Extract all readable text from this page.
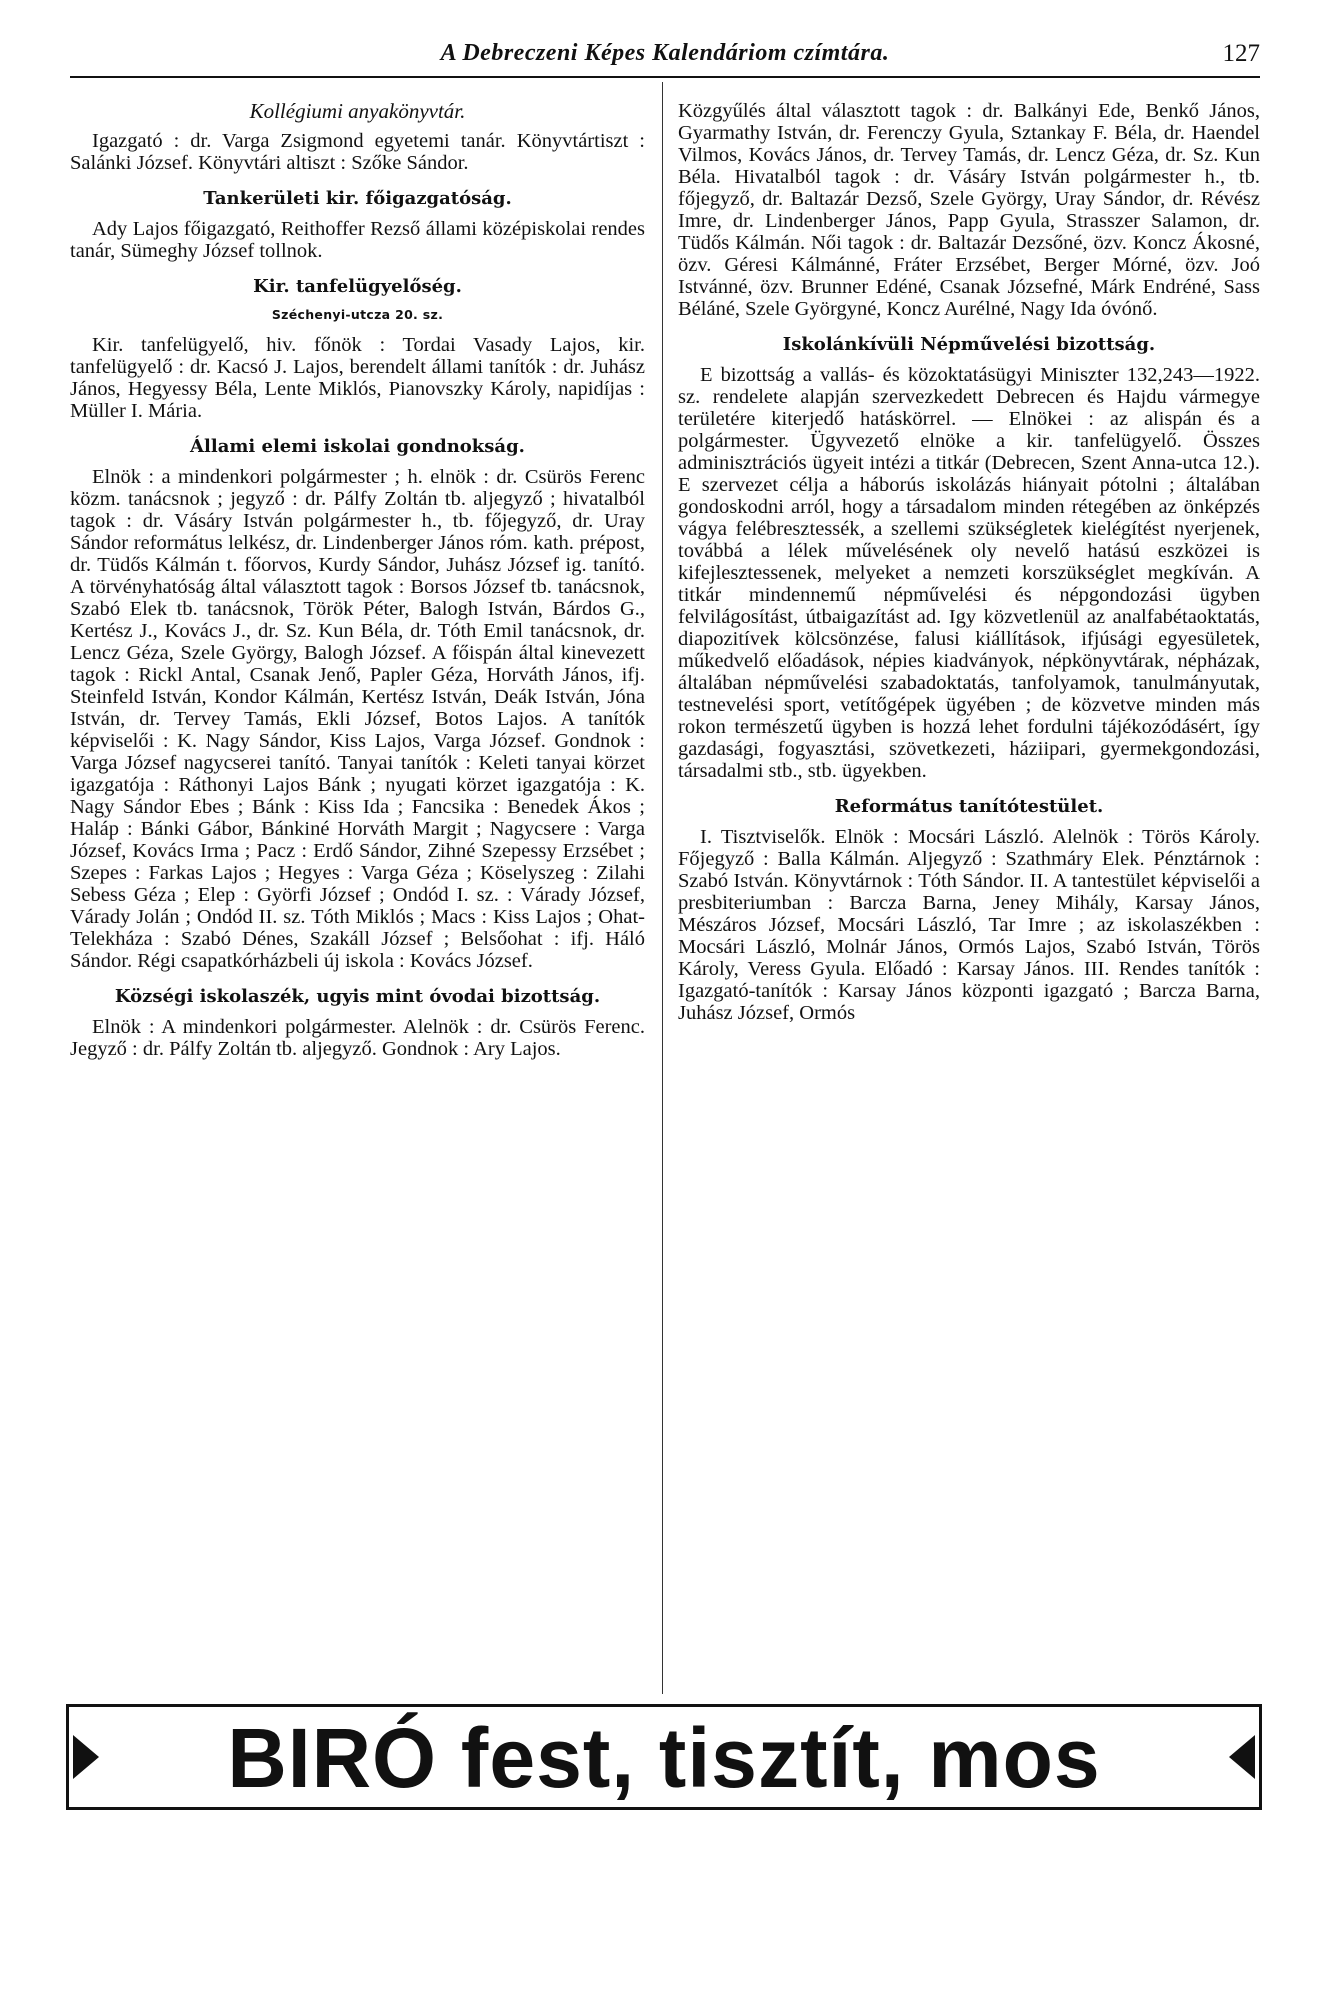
A Debreczeni Képes Kalendáriom czímtára.	127
Kollégiumi anyakönyvtár.

Igazgató : dr. Varga Zsigmond egyetemi tanár. Könyvtártiszt : Salánki József. Könyvtári altiszt : Szőke Sándor.

Tankerületi kir. főigazgatóság.

Ady Lajos főigazgató, Reithoffer Rezső állami középiskolai rendes tanár, Sümeghy József tollnok.

Kir. tanfelügyelőség.
Széchenyi-utcza 20. sz.

Kir. tanfelügyelő, hiv. főnök : Tordai Vasady Lajos, kir. tanfelügyelő : dr. Kacsó J. Lajos, berendelt állami tanítók : dr. Juhász János, Hegyessy Béla, Lente Miklós, Pianovszky Károly, napidíjas : Müller I. Mária.

Állami elemi iskolai gondnokság.

Elnök : a mindenkori polgármester ; h. elnök : dr. Csürös Ferenc közm. tanácsnok ; jegyző : dr. Pálfy Zoltán tb. aljegyző ; hivatalból tagok : dr. Vásáry István polgármester h., tb. főjegyző, dr. Uray Sándor református lelkész, dr. Lindenberger János róm. kath. prépost, dr. Tüdős Kálmán t. főorvos, Kurdy Sándor, Juhász József ig. tanító. A törvényhatóság által választott tagok : Borsos József tb. tanácsnok, Szabó Elek tb. tanácsnok, Török Péter, Balogh István, Bárdos G., Kertész J., Kovács J., dr. Sz. Kun Béla, dr. Tóth Emil tanácsnok, dr. Lencz Géza, Szele György, Balogh József. A főispán által kinevezett tagok : Rickl Antal, Csanak Jenő, Papler Géza, Horváth János, ifj. Steinfeld István, Kondor Kálmán, Kertész István, Deák István, Jóna István, dr. Tervey Tamás, Ekli József, Botos Lajos. A tanítók képviselői : K. Nagy Sándor, Kiss Lajos, Varga József. Gondnok : Varga József nagycserei tanító. Tanyai tanítók : Keleti tanyai körzet igazgatója : Ráthonyi Lajos Bánk ; nyugati körzet igazgatója : K. Nagy Sándor Ebes ; Bánk : Kiss Ida ; Fancsika : Benedek Ákos ; Haláp : Bánki Gábor, Bánkiné Horváth Margit ; Nagycsere : Varga József, Kovács Irma ; Pacz : Erdő Sándor, Zihné Szepessy Erzsébet ; Szepes : Farkas Lajos ; Hegyes : Varga Géza ; Köselyszeg : Zilahi Sebess Géza ; Elep : Györfi József ; Ondód I. sz. : Várady József, Várady Jolán ; Ondód II. sz. Tóth Miklós ; Macs : Kiss Lajos ; Ohat-Telekháza : Szabó Dénes, Szakáll József ; Belsőohat : ifj. Háló Sándor. Régi csapatkórházbeli új iskola : Kovács József.

Községi iskolaszék, ugyis mint óvodai bizottság.

Elnök : A mindenkori polgármester. Alelnök : dr. Csürös Ferenc. Jegyző : dr. Pálfy Zoltán tb. aljegyző. Gondnok : Ary Lajos.

Közgyűlés által választott tagok : dr. Balkányi Ede, Benkő János, Gyarmathy István, dr. Ferenczy Gyula, Sztankay F. Béla, dr. Haendel Vilmos, Kovács János, dr. Tervey Tamás, dr. Lencz Géza, dr. Sz. Kun Béla. Hivatalból tagok : dr. Vásáry István polgármester h., tb. főjegyző, dr. Baltazár Dezső, Szele György, Uray Sándor, dr. Révész Imre, dr. Lindenberger János, Papp Gyula, Strasszer Salamon, dr. Tüdős Kálmán. Női tagok : dr. Baltazár Dezsőné, özv. Koncz Ákosné, özv. Géresi Kálmánné, Fráter Erzsébet, Berger Mórné, özv. Joó Istvánné, özv. Brunner Edéné, Csanak Józsefné, Márk Endréné, Sass Béláné, Szele Györgyné, Koncz Aurélné, Nagy Ida óvónő.

Iskolánkívüli Népművelési bizottság.

E bizottság a vallás- és közoktatásügyi Miniszter 132,243—1922. sz. rendelete alapján szervezkedett Debrecen és Hajdu vármegye területére kiterjedő hatáskörrel. — Elnökei : az alispán és a polgármester. Ügyvezető elnöke a kir. tanfelügyelő. Összes adminisztrációs ügyeit intézi a titkár (Debrecen, Szent Anna-utca 12.). E szervezet célja a háborús iskolázás hiányait pótolni ; általában gondoskodni arról, hogy a társadalom minden rétegében az önképzés vágya felébresztessék, a szellemi szükségletek kielégítést nyerjenek, továbbá a lélek művelésének oly nevelő hatású eszközei is kifejlesztessenek, melyeket a nemzeti korszükséglet megkíván. A titkár mindennemű népművelési és népgondozási ügyben felvilágosítást, útbaigazítást ad. Igy közvetlenül az analfabétaoktatás, diapozitívek kölcsönzése, falusi kiállítások, ifjúsági egyesületek, műkedvelő előadások, népies kiadványok, népkönyvtárak, népházak, általában népművelési szabadoktatás, tanfolyamok, tanulmányutak, testnevelési sport, vetítőgépek ügyében ; de közvetve minden más rokon természetű ügyben is hozzá lehet fordulni tájékozódásért, így gazdasági, fogyasztási, szövetkezeti, háziipari, gyermekgondozási, társadalmi stb., stb. ügyekben.

Református tanítótestület.

I. Tisztviselők. Elnök : Mocsári László. Alelnök : Törös Károly. Főjegyző : Balla Kálmán. Aljegyző : Szathmáry Elek. Pénztárnok : Szabó István. Könyvtárnok : Tóth Sándor. II. A tantestület képviselői a presbiteriumban : Barcza Barna, Jeney Mihály, Karsay János, Mészáros József, Mocsári László, Tar Imre ; az iskolaszékben : Mocsári László, Molnár János, Ormós Lajos, Szabó István, Törös Károly, Veress Gyula. Előadó : Karsay János. III. Rendes tanítók : Igazgató-tanítók : Karsay János központi igazgató ; Barcza Barna, Juhász József, Ormós

BIRÓ fest, tisztít, mos
